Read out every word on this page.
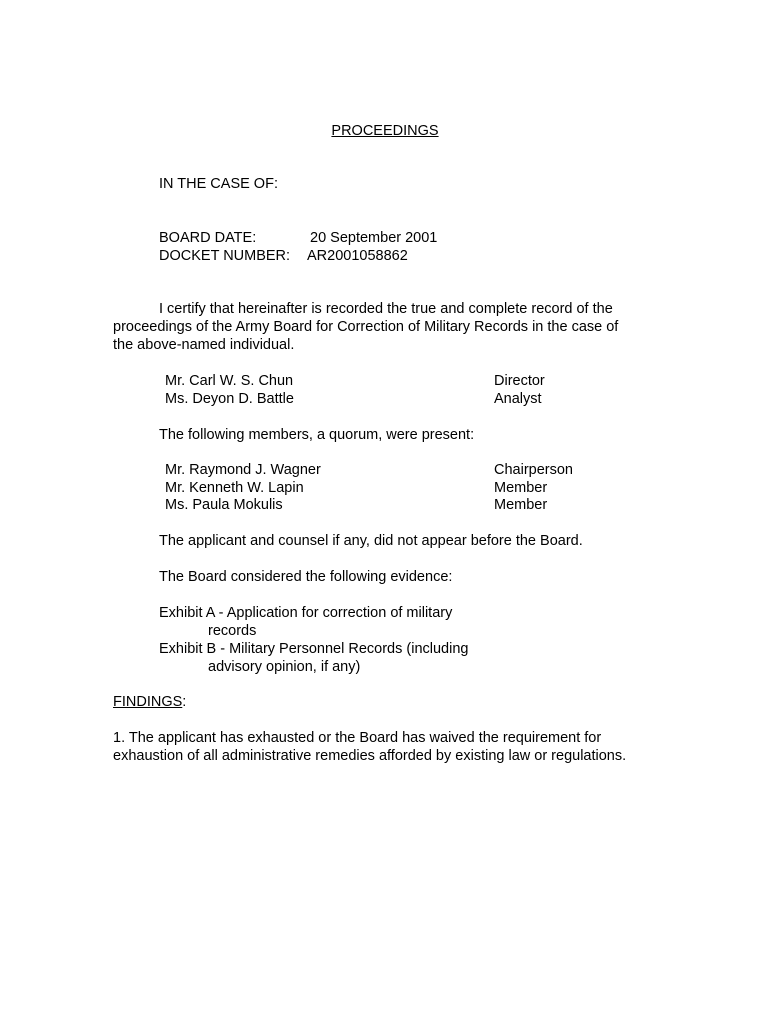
PROCEEDINGS
IN THE CASE OF:
BOARD DATE:	20 September 2001
DOCKET NUMBER: AR2001058862
I certify that hereinafter is recorded the true and complete record of the
proceedings of the Army Board for Correction of Military Records in the case of
the above-named individual.
Mr. Carl W. S. Chun	Director
Ms. Deyon D. Battle	Analyst
The following members, a quorum, were present:
Mr. Raymond J. Wagner	Chairperson
Mr. Kenneth W. Lapin	Member
Ms. Paula Mokulis	Member
The applicant and counsel if any, did not appear before the Board.
The Board considered the following evidence:
Exhibit A - Application for correction of military
records
Exhibit B - Military Personnel Records (including
advisory opinion, if any)
FINDINGS:
1. The applicant has exhausted or the Board has waived the requirement for
exhaustion of all administrative remedies afforded by existing law or regulations.
